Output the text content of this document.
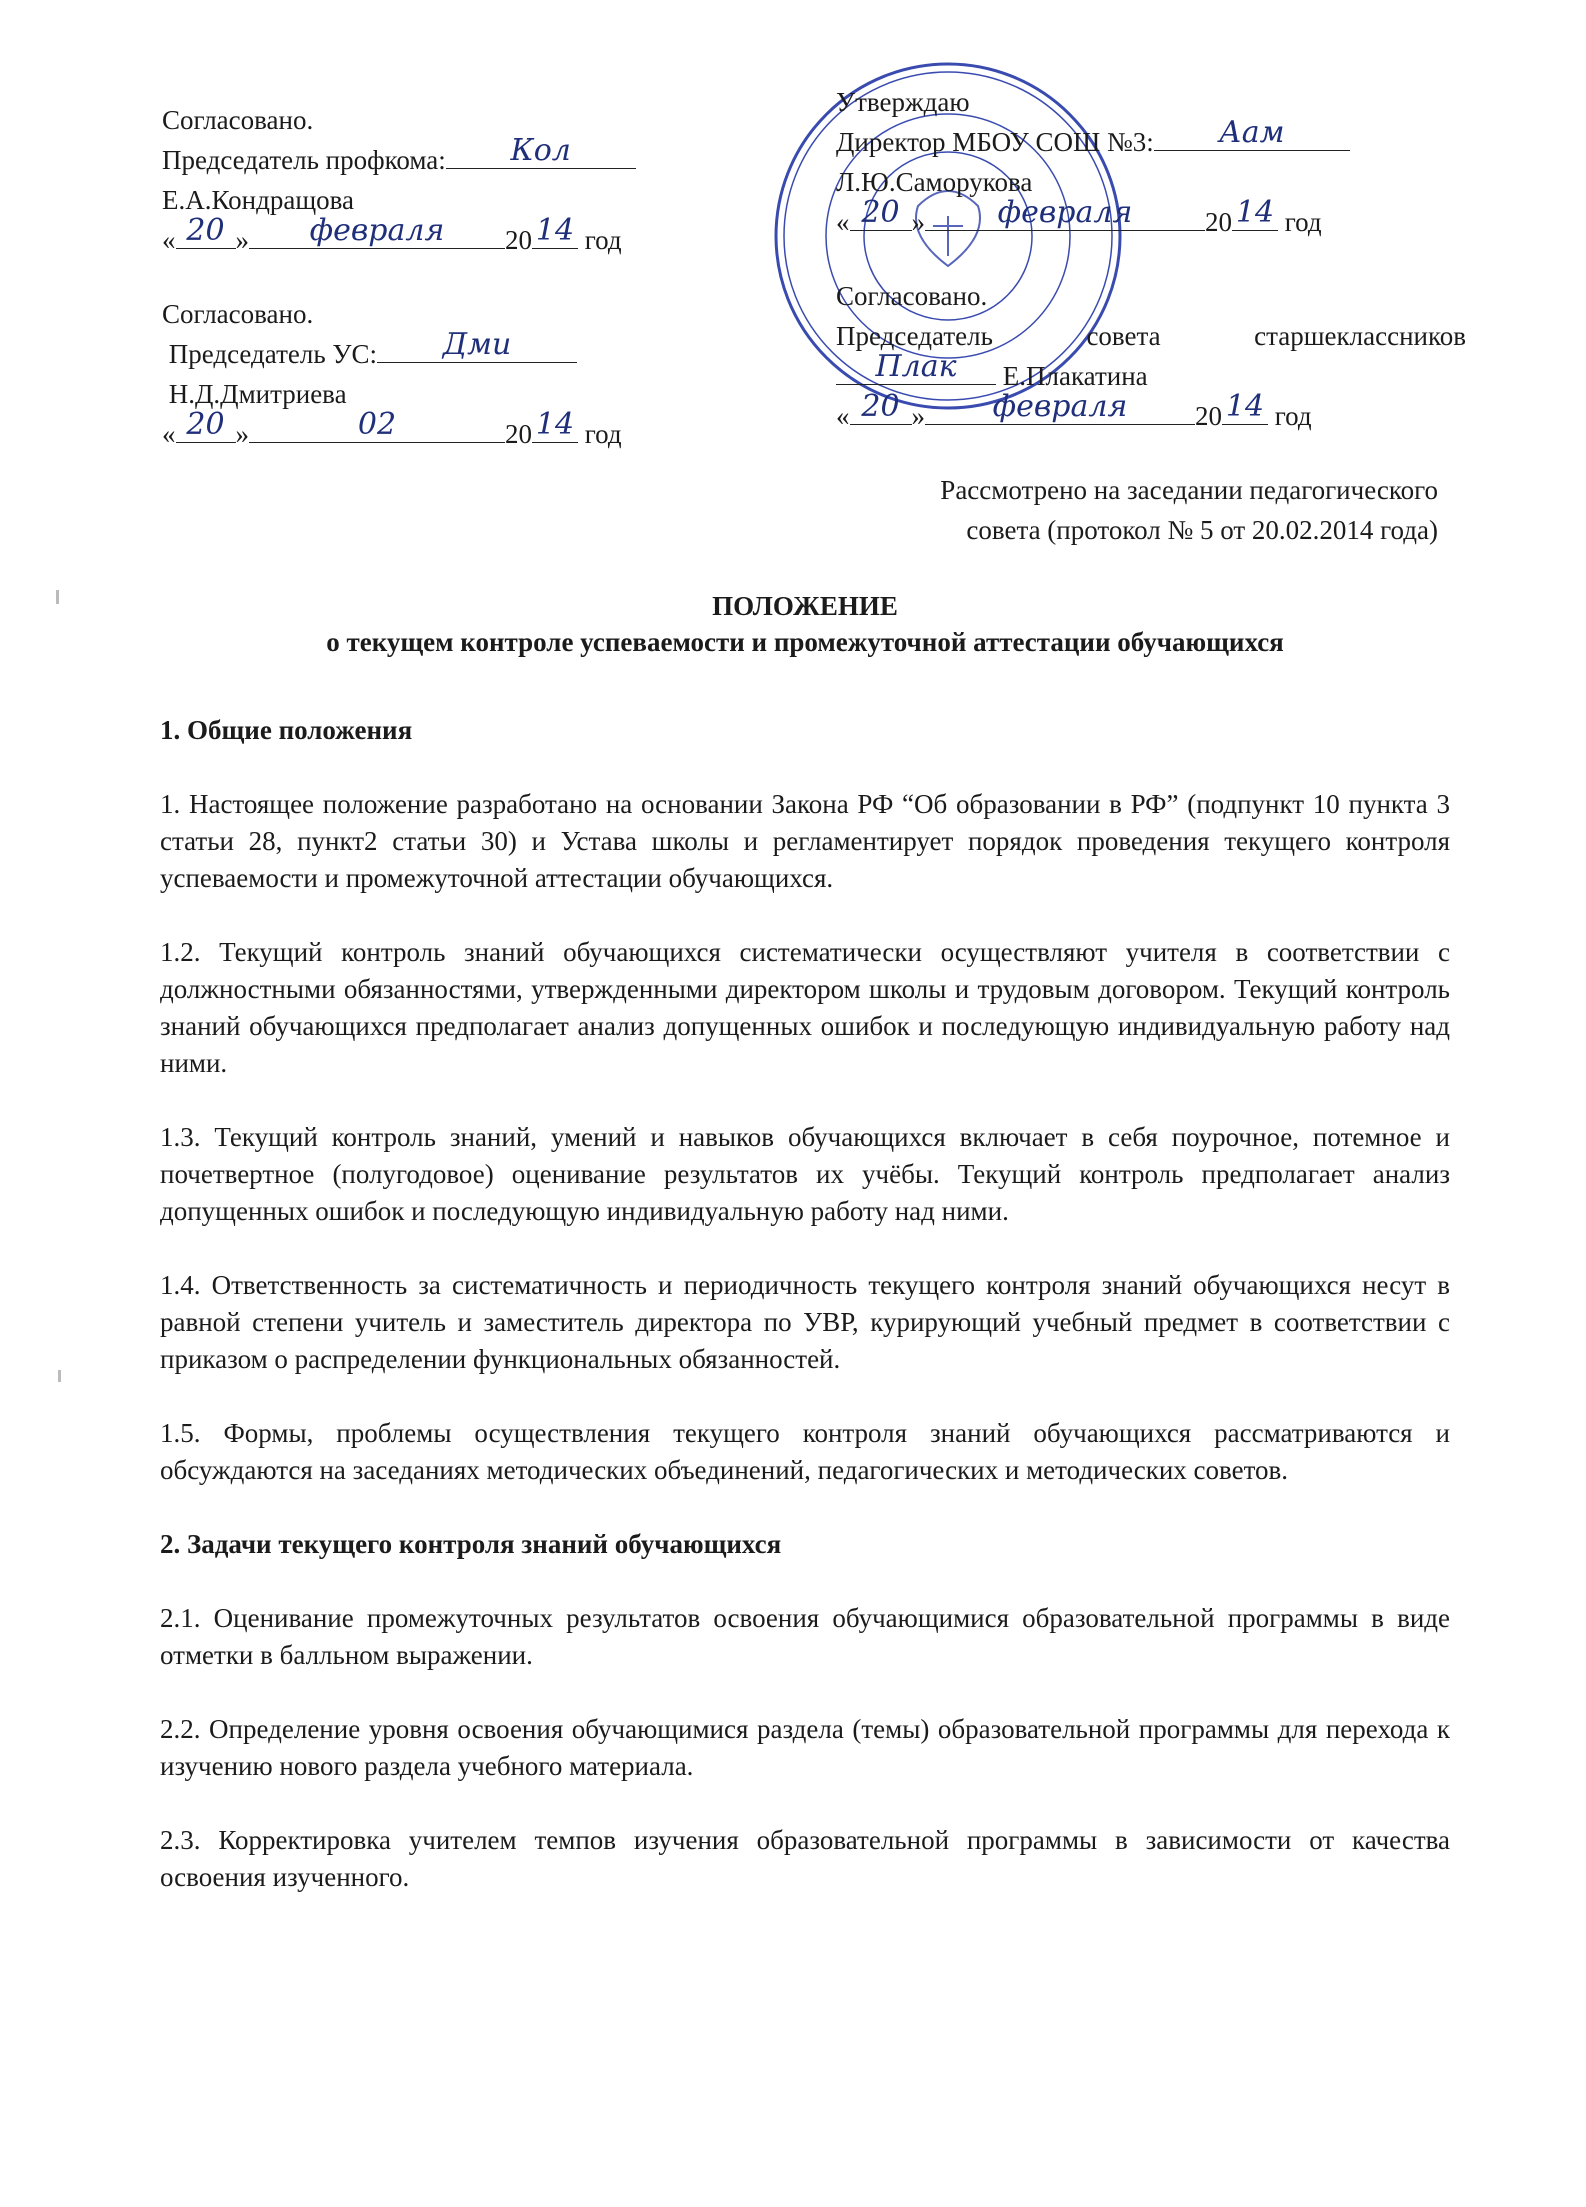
Согласовано.
Председатель профкома:	Кол
Е.А.Кондращова
« 20 »	февраля	20 14 год
Согласовано.
Председатель УС:	Дми
Н.Д.Дмитриева
« 20 »	02	20 14 год
Утверждаю
Директор МБОУ СОШ №3:	Аам
Л.Ю.Саморукова
« 20 »	февраля	20 14 год
Согласовано.
Председатель	совета	старшеклассников
Плак	Е.Плакатина
« 20 »	февраля	20 14 год
Рассмотрено на заседании педагогического
совета (протокол № 5 от 20.02.2014 года)
ПОЛОЖЕНИЕ
о текущем контроле успеваемости и промежуточной аттестации обучающихся
1. Общие положения

1. Настоящее положение разработано на основании Закона РФ “Об образовании в РФ” (подпункт 10 пункта 3 статьи 28, пункт2 статьи 30) и Устава школы и регламентирует порядок проведения текущего контроля успеваемости и промежуточной аттестации обучающихся.

1.2. Текущий контроль знаний обучающихся систематически осуществляют учителя в соответствии с должностными обязанностями, утвержденными директором школы и трудовым договором. Текущий контроль знаний обучающихся предполагает анализ допущенных ошибок и последующую индивидуальную работу над ними.

1.3. Текущий контроль знаний, умений и навыков обучающихся включает в себя поурочное, потемное и почетвертное (полугодовое) оценивание результатов их учёбы. Текущий контроль предполагает анализ допущенных ошибок и последующую индивидуальную работу над ними.

1.4. Ответственность за систематичность и периодичность текущего контроля знаний обучающихся несут в равной степени учитель и заместитель директора по УВР, курирующий учебный предмет в соответствии с приказом о распределении функциональных обязанностей.

1.5. Формы, проблемы осуществления текущего контроля знаний обучающихся рассматриваются и обсуждаются на заседаниях методических объединений, педагогических и методических советов.

2. Задачи текущего контроля знаний обучающихся

2.1. Оценивание промежуточных результатов освоения обучающимися образовательной программы в виде отметки в балльном выражении.

2.2. Определение уровня освоения обучающимися раздела (темы) образовательной программы для перехода к изучению нового раздела учебного материала.

2.3. Корректировка учителем темпов изучения образовательной программы в зависимости от качества освоения изученного.
